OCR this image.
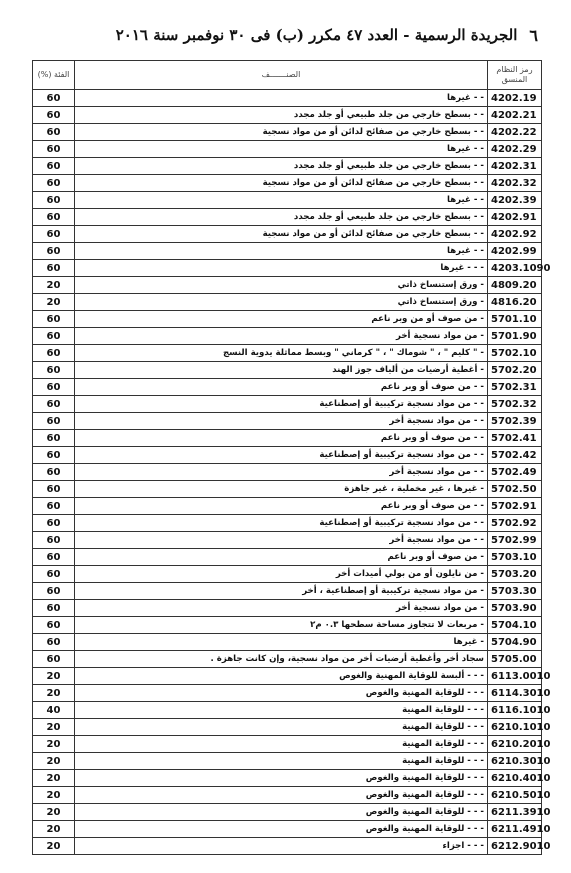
٦
الجريدة الرسمية - العدد ٤٧ مكرر (ب) فى ٣٠ نوفمبر سنة ٢٠١٦
رمز النظام المنسق	الصنـــــــف	الفئة (%)
4202.19	- - غيرها	60
4202.21	- - بسطح خارجي من جلد طبيعي أو جلد مجدد	60
4202.22	- - بسطح خارجي من صفائح لدائن أو من مواد نسجية	60
4202.29	- - غيرها	60
4202.31	- - بسطح خارجي من جلد طبيعي أو جلد مجدد	60
4202.32	- - بسطح خارجي من صفائح لدائن أو من مواد نسجية	60
4202.39	- - غيرها	60
4202.91	- - بسطح خارجي من جلد طبيعي أو جلد مجدد	60
4202.92	- - بسطح خارجي من صفائح لدائن أو من مواد نسجية	60
4202.99	- - غيرها	60
4203.1090	- - - غيرها	60
4809.20	- ورق إستنساخ ذاتي	20
4816.20	- ورق إستنساخ ذاتي	20
5701.10	- من صوف أو من وبر ناعم	60
5701.90	- من مواد نسجية أخر	60
5702.10	- " كليم " ، " شوماك " ، " كرماني " وبسط مماثلة يدوية النسج	60
5702.20	- أغطية أرضيات من ألياف جوز الهند	60
5702.31	- - من صوف أو وبر ناعم	60
5702.32	- - من مواد نسجية تركيبية أو إصطناعية	60
5702.39	- - من مواد نسجية أخر	60
5702.41	- - من صوف أو وبر ناعم	60
5702.42	- - من مواد نسجية تركيبية أو إصطناعية	60
5702.49	- - من مواد نسجية أخر	60
5702.50	- غيرها ، غير مخملية ، غير جاهزة	60
5702.91	- - من صوف أو وبر ناعم	60
5702.92	- - من مواد نسجية تركيبية أو إصطناعية	60
5702.99	- - من مواد نسجية أخر	60
5703.10	- من صوف أو وبر ناعم	60
5703.20	- من نايلون أو من بولي أميدات أخر	60
5703.30	- من مواد نسجية تركيبية أو إصطناعية ، أخر	60
5703.90	- من مواد نسجية أخر	60
5704.10	- مربعات لا تتجاوز مساحة سطحها ٠.٣ م٢	60
5704.90	- غيرها	60
5705.00	سجاد أخر وأغطية أرضيات أخر من مواد نسجية، وإن كانت جاهزة .	60
6113.0010	- - - ألبسة للوقاية المهنية والغوص	20
6114.3010	- - - للوقاية المهنية والغوص	20
6116.1010	- - - للوقاية المهنية	40
6210.1010	- - - للوقاية المهنية	20
6210.2010	- - - للوقاية المهنية	20
6210.3010	- - - للوقاية المهنية	20
6210.4010	- - - للوقاية المهنية والغوص	20
6210.5010	- - - للوقاية المهنية والغوص	20
6211.3910	- - - للوقاية المهنية والغوص	20
6211.4910	- - - للوقاية المهنية والغوص	20
6212.9010	- - - اجزاء	20
